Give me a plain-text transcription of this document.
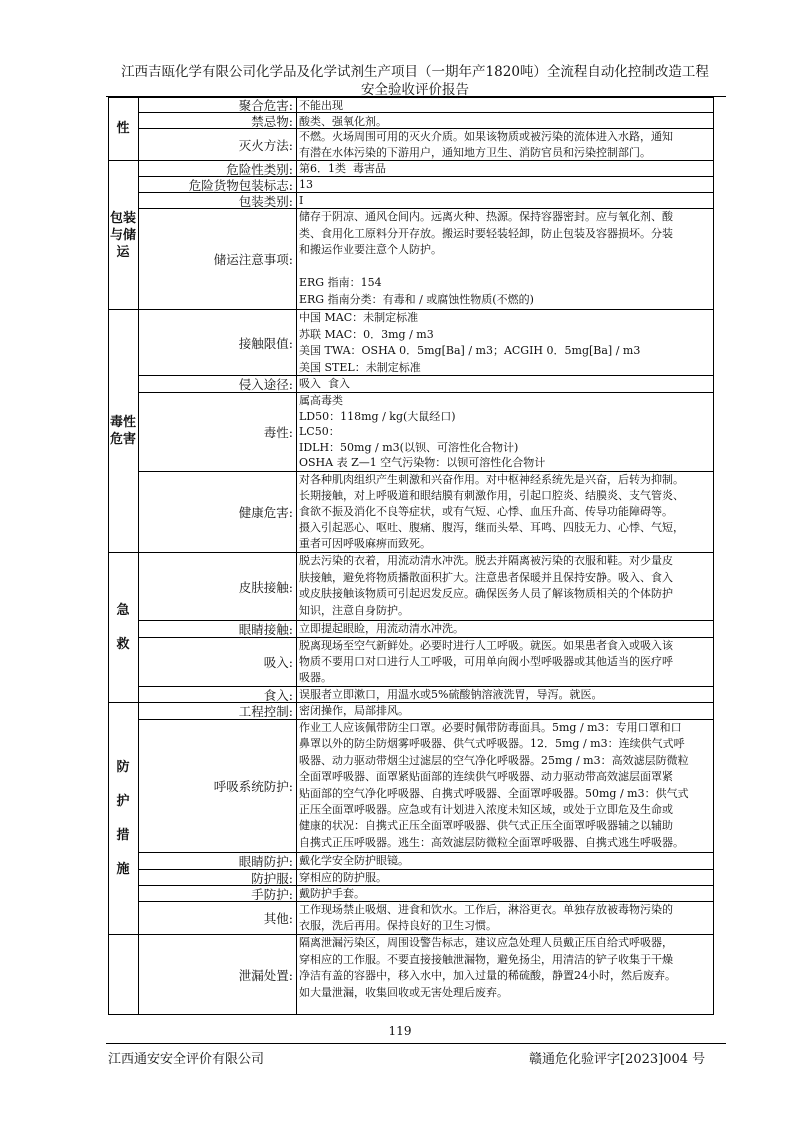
江西吉瓯化学有限公司化学品及化学试剂生产项目（一期年产1820吨）全流程自动化控制改造工程
安全验收评价报告
性
包装
与储
运
毒性
危害
急

救
防

护

措

施
聚合危害: 不能出现
禁忌物: 酸类、强氧化剂。
灭火方法:
不燃。火场周围可用的灭火介质。如果该物质或被污染的流体进入水路，通知
有潜在水体污染的下游用户，通知地方卫生、消防官员和污染控制部门。
危险性类别: 第6．1类  毒害品
危险货物包装标志: 13
包装类别: I
储运注意事项:
储存于阴凉、通风仓间内。远离火种、热源。保持容器密封。应与氧化剂、酸
类、食用化工原料分开存放。搬运时要轻装轻卸，防止包装及容器损坏。分装
和搬运作业要注意个人防护。
ERG 指南：154
ERG 指南分类：有毒和 / 或腐蚀性物质(不燃的)
接触限值:
中国 MAC：未制定标准
苏联 MAC：0．3mg / m3
美国 TWA：OSHA 0．5mg[Ba] / m3；ACGIH 0．5mg[Ba] / m3
美国 STEL：未制定标准
侵入途径: 吸入  食入
毒性:
属高毒类
LD50：118mg / kg(大鼠经口)
LC50：
IDLH：50mg / m3(以钡、可溶性化合物计)
OSHA 表 Z—1 空气污染物：以钡可溶性化合物计
健康危害:
对各种肌肉组织产生刺激和兴奋作用。对中枢神经系统先是兴奋，后转为抑制。
长期接触，对上呼吸道和眼结膜有刺激作用，引起口腔炎、结膜炎、支气管炎、
食欲不振及消化不良等症状，或有气短、心悸、血压升高、传导功能障碍等。
摄入引起恶心、呕吐、腹痛、腹泻，继而头晕、耳鸣、四肢无力、心悸、气短，
重者可因呼吸麻痹而致死。
皮肤接触:
脱去污染的衣着，用流动清水冲洗。脱去并隔离被污染的衣服和鞋。对少量皮
肤接触，避免将物质播散面积扩大。注意患者保暖并且保持安静。吸入、食入
或皮肤接触该物质可引起迟发反应。确保医务人员了解该物质相关的个体防护
知识，注意自身防护。
眼睛接触: 立即提起眼睑，用流动清水冲洗。
吸入:
脱离现场至空气新鲜处。必要时进行人工呼吸。就医。如果患者食入或吸入该
物质不要用口对口进行人工呼吸，可用单向阀小型呼吸器或其他适当的医疗呼
吸器。
食入: 误服者立即漱口，用温水或5%硫酸钠溶液洗胃，导泻。就医。
工程控制: 密闭操作，局部排风。
呼吸系统防护:
作业工人应该佩带防尘口罩。必要时佩带防毒面具。5mg / m3：专用口罩和口
鼻罩以外的防尘防烟雾呼吸器、供气式呼吸器。12．5mg / m3：连续供气式呼
吸器、动力驱动带烟尘过滤层的空气净化呼吸器。25mg / m3：高效滤层防微粒
全面罩呼吸器、面罩紧贴面部的连续供气呼吸器、动力驱动带高效滤层面罩紧
贴面部的空气净化呼吸器、自携式呼吸器、全面罩呼吸器。50mg / m3：供气式
正压全面罩呼吸器。应急或有计划进入浓度未知区域，或处于立即危及生命或
健康的状况：自携式正压全面罩呼吸器、供气式正压全面罩呼吸器辅之以辅助
自携式正压呼吸器。逃生：高效滤层防微粒全面罩呼吸器、自携式逃生呼吸器。
眼睛防护: 戴化学安全防护眼镜。
防护服: 穿相应的防护服。
手防护: 戴防护手套。
其他:
工作现场禁止吸烟、进食和饮水。工作后，淋浴更衣。单独存放被毒物污染的
衣服，洗后再用。保持良好的卫生习惯。
泄漏处置:
隔离泄漏污染区，周围设警告标志，建议应急处理人员戴正压自给式呼吸器，
穿相应的工作服。不要直接接触泄漏物，避免扬尘，用清洁的铲子收集于干燥
净洁有盖的容器中，移入水中，加入过量的稀硫酸，静置24小时，然后废弃。
如大量泄漏，收集回收或无害处理后废弃。
119
江西通安安全评价有限公司	赣通危化验评字[2023]004 号
